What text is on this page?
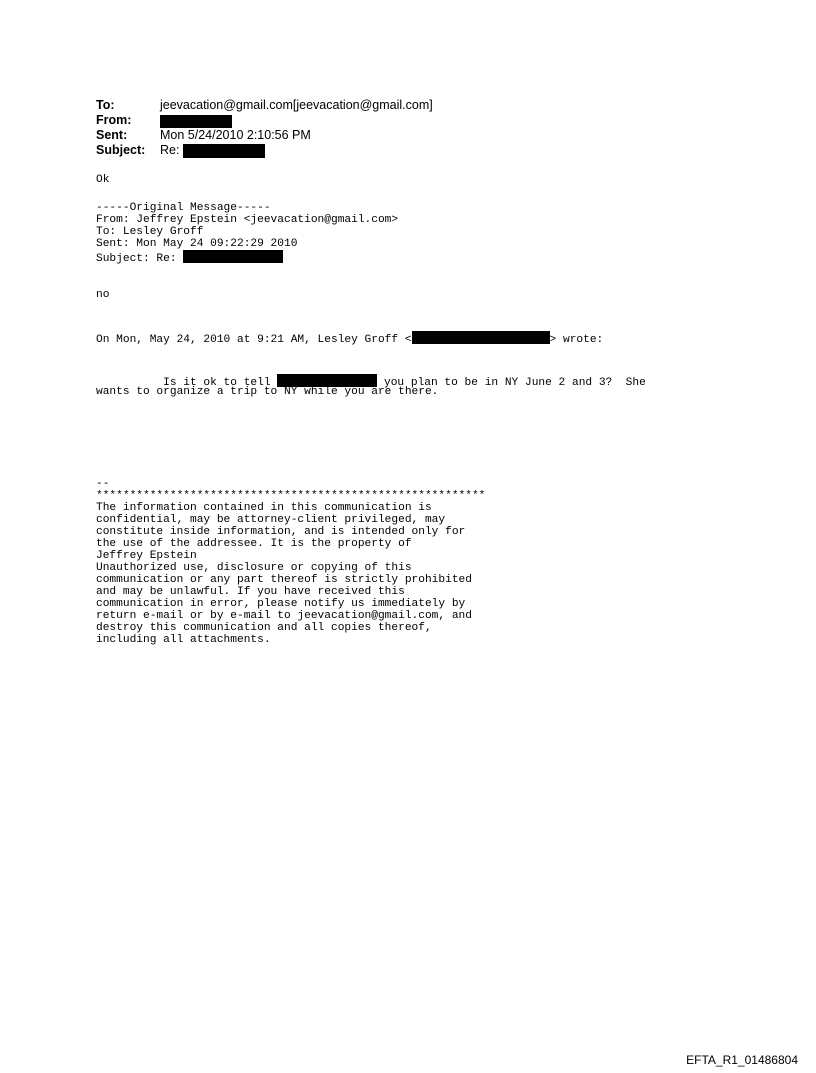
To:	jeevacation@gmail.com[jeevacation@gmail.com]
From:
Sent:	Mon 5/24/2010 2:10:56 PM
Subject:	Re:
Ok
-----Original Message-----
From: Jeffrey Epstein <jeevacation@gmail.com>
To: Lesley Groff
Sent: Mon May 24 09:22:29 2010
Subject: Re:
no
On Mon, May 24, 2010 at 9:21 AM, Lesley Groff <	> wrote:
Is it ok to tell	you plan to be in NY June 2 and 3?  She
wants to organize a trip to NY while you are there.
--
**********************************************************
The information contained in this communication is
confidential, may be attorney-client privileged, may
constitute inside information, and is intended only for
the use of the addressee. It is the property of
Jeffrey Epstein
Unauthorized use, disclosure or copying of this
communication or any part thereof is strictly prohibited
and may be unlawful. If you have received this
communication in error, please notify us immediately by
return e-mail or by e-mail to jeevacation@gmail.com, and
destroy this communication and all copies thereof,
including all attachments.
EFTA_R1_01486804
